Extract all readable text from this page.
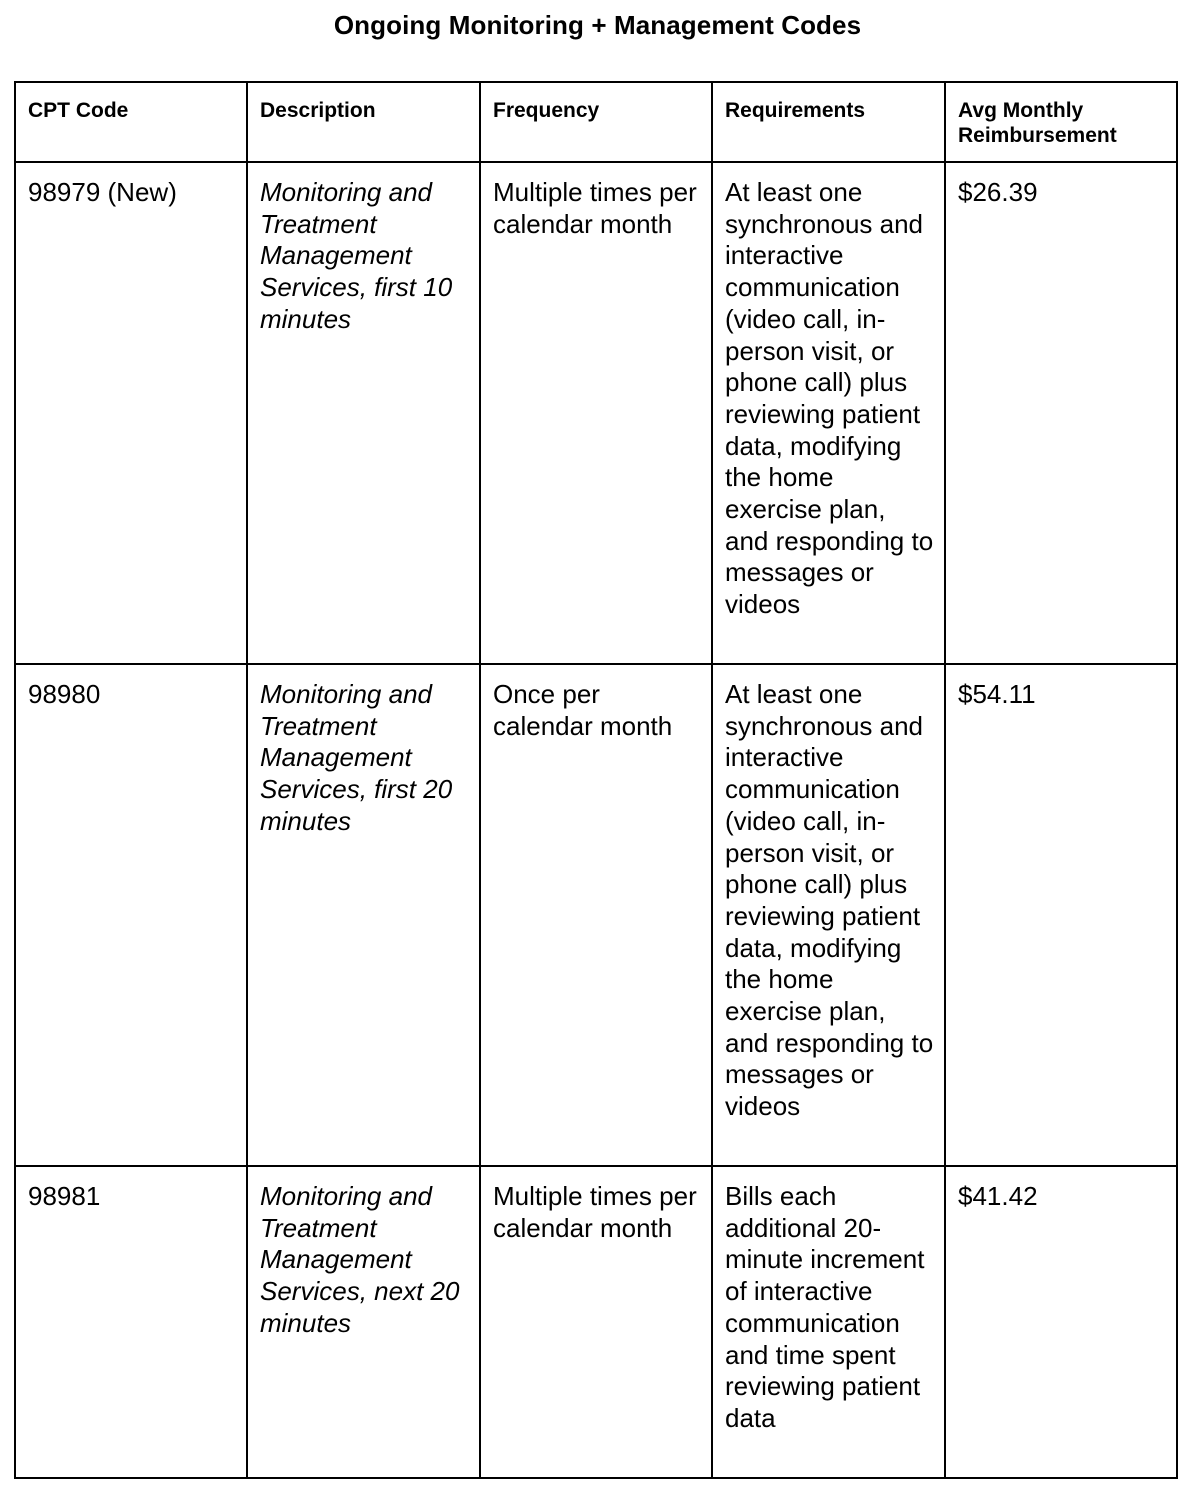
Ongoing Monitoring + Management Codes
CPT Code	Description	Frequency	Requirements	Avg Monthly Reimbursement
98979 (New)	Monitoring and Treatment Management Services, first 10 minutes	Multiple times per calendar month	At least one synchronous and interactive communication (video call, in-person visit, or phone call) plus reviewing patient data, modifying the home exercise plan, and responding to messages or videos	$26.39
98980	Monitoring and Treatment Management Services, first 20 minutes	Once per calendar month	At least one synchronous and interactive communication (video call, in-person visit, or phone call) plus reviewing patient data, modifying the home exercise plan, and responding to messages or videos	$54.11
98981	Monitoring and Treatment Management Services, next 20 minutes	Multiple times per calendar month	Bills each additional 20-minute increment of interactive communication and time spent reviewing patient data	$41.42
